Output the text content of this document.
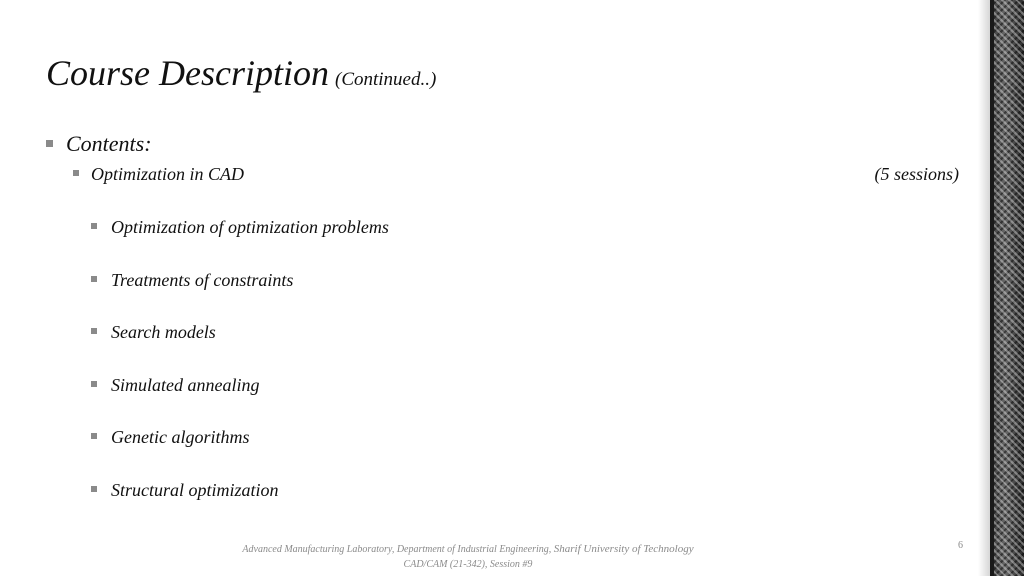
Course Description (Continued..)
Contents:
Optimization in CAD	(5 sessions)
Optimization of optimization problems
Treatments of constraints
Search models
Simulated annealing
Genetic algorithms
Structural optimization
Advanced Manufacturing Laboratory, Department of Industrial Engineering, Sharif University of Technology
CAD/CAM (21-342), Session #9
6
